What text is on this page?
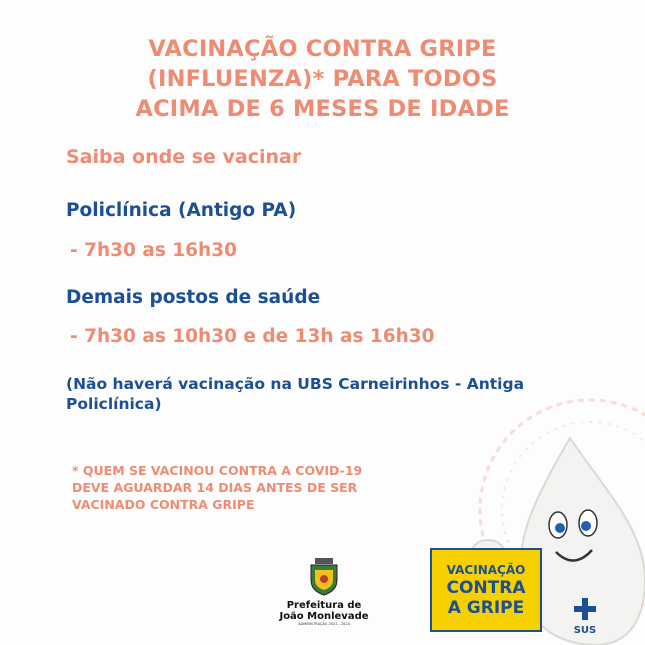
VACINAÇÃO CONTRA GRIPE
(INFLUENZA)* PARA TODOS
ACIMA DE 6 MESES DE IDADE
Saiba onde se vacinar
Policlínica (Antigo PA)
- 7h30 as 16h30
Demais postos de saúde
- 7h30 as 10h30 e de 13h as 16h30
(Não haverá vacinação na UBS Carneirinhos - Antiga Policlínica)
* QUEM SE VACINOU CONTRA A COVID-19
DEVE AGUARDAR 14 DIAS ANTES DE SER
VACINADO CONTRA GRIPE
VACINAÇÃO
CONTRA
A GRIPE
SUS
Prefeitura de
João Monlevade
ADMINISTRAÇÃO 2021 - 2024
